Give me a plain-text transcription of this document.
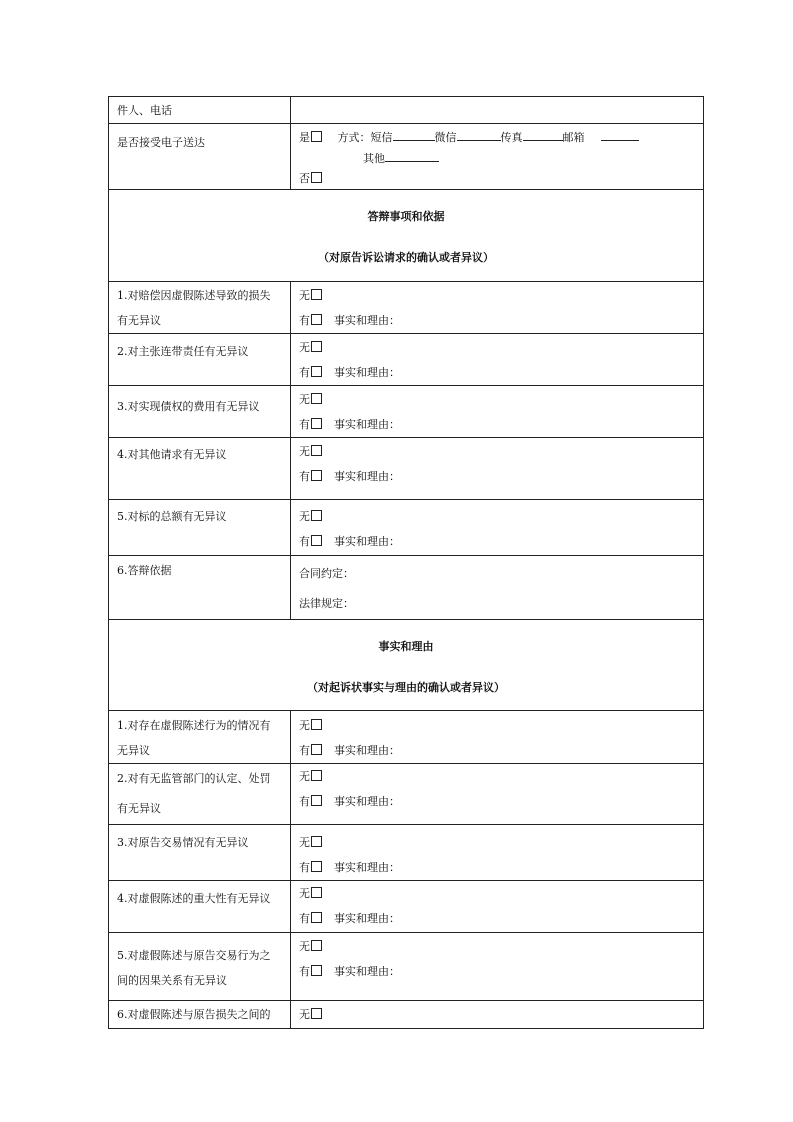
件人、电话	

是否接受电子送达	是 方式：短信 微信 传真 邮箱
其他
否

答辩事项和依据
（对原告诉讼请求的确认或者异议）	

1.对赔偿因虚假陈述导致的损失
有无异议	无
有 事实和理由：

2.对主张连带责任有无异议	无
有 事实和理由：

3.对实现债权的费用有无异议	无
有 事实和理由：

4.对其他请求有无异议	无
有 事实和理由：

5.对标的总额有无异议	无
有 事实和理由：

6.答辩依据	合同约定：
法律规定：

事实和理由
（对起诉状事实与理由的确认或者异议）	

1.对存在虚假陈述行为的情况有
无异议	无
有 事实和理由：

2.对有无监管部门的认定、处罚
有无异议	无
有 事实和理由：

3.对原告交易情况有无异议	无
有 事实和理由：

4.对虚假陈述的重大性有无异议	无
有 事实和理由：

5.对虚假陈述与原告交易行为之
间的因果关系有无异议	无
有 事实和理由：

6.对虚假陈述与原告损失之间的	无
